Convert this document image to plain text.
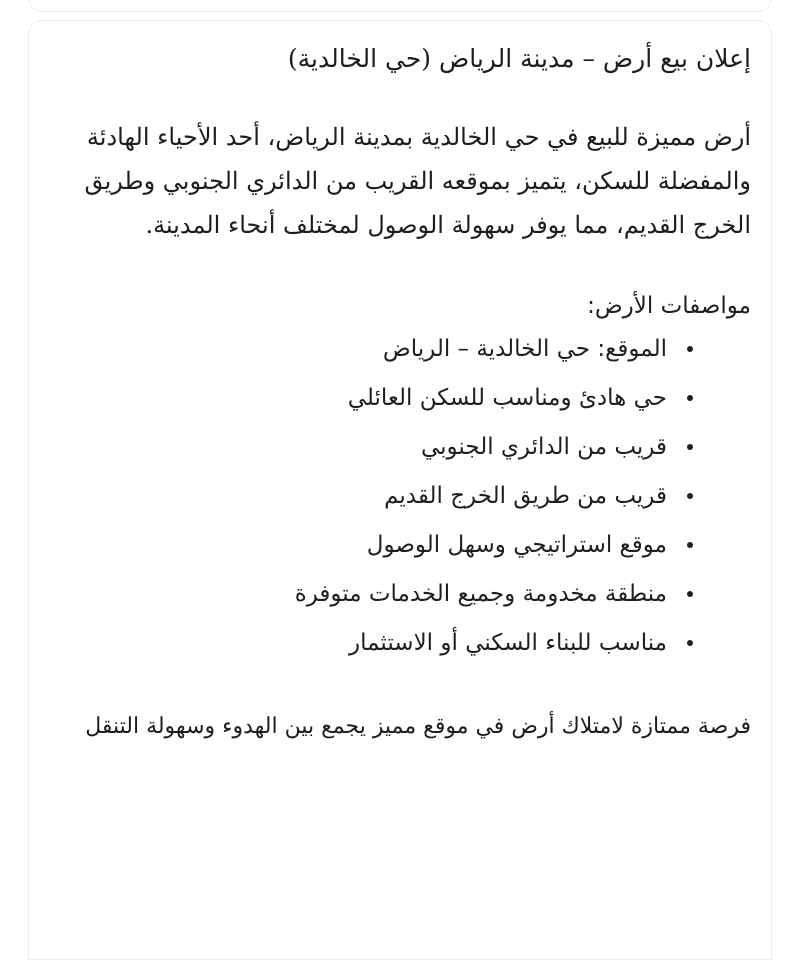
إعلان بيع أرض – مدينة الرياض (حي الخالدية)

أرض مميزة للبيع في حي الخالدية بمدينة الرياض، أحد الأحياء الهادئة والمفضلة للسكن، يتميز بموقعه القريب من الدائري الجنوبي وطريق الخرج القديم، مما يوفر سهولة الوصول لمختلف أنحاء المدينة.

مواصفات الأرض:
الموقع: حي الخالدية – الرياض
حي هادئ ومناسب للسكن العائلي
قريب من الدائري الجنوبي
قريب من طريق الخرج القديم
موقع استراتيجي وسهل الوصول
منطقة مخدومة وجميع الخدمات متوفرة
مناسب للبناء السكني أو الاستثمار

فرصة ممتازة لامتلاك أرض في موقع مميز يجمع بين الهدوء وسهولة التنقل
